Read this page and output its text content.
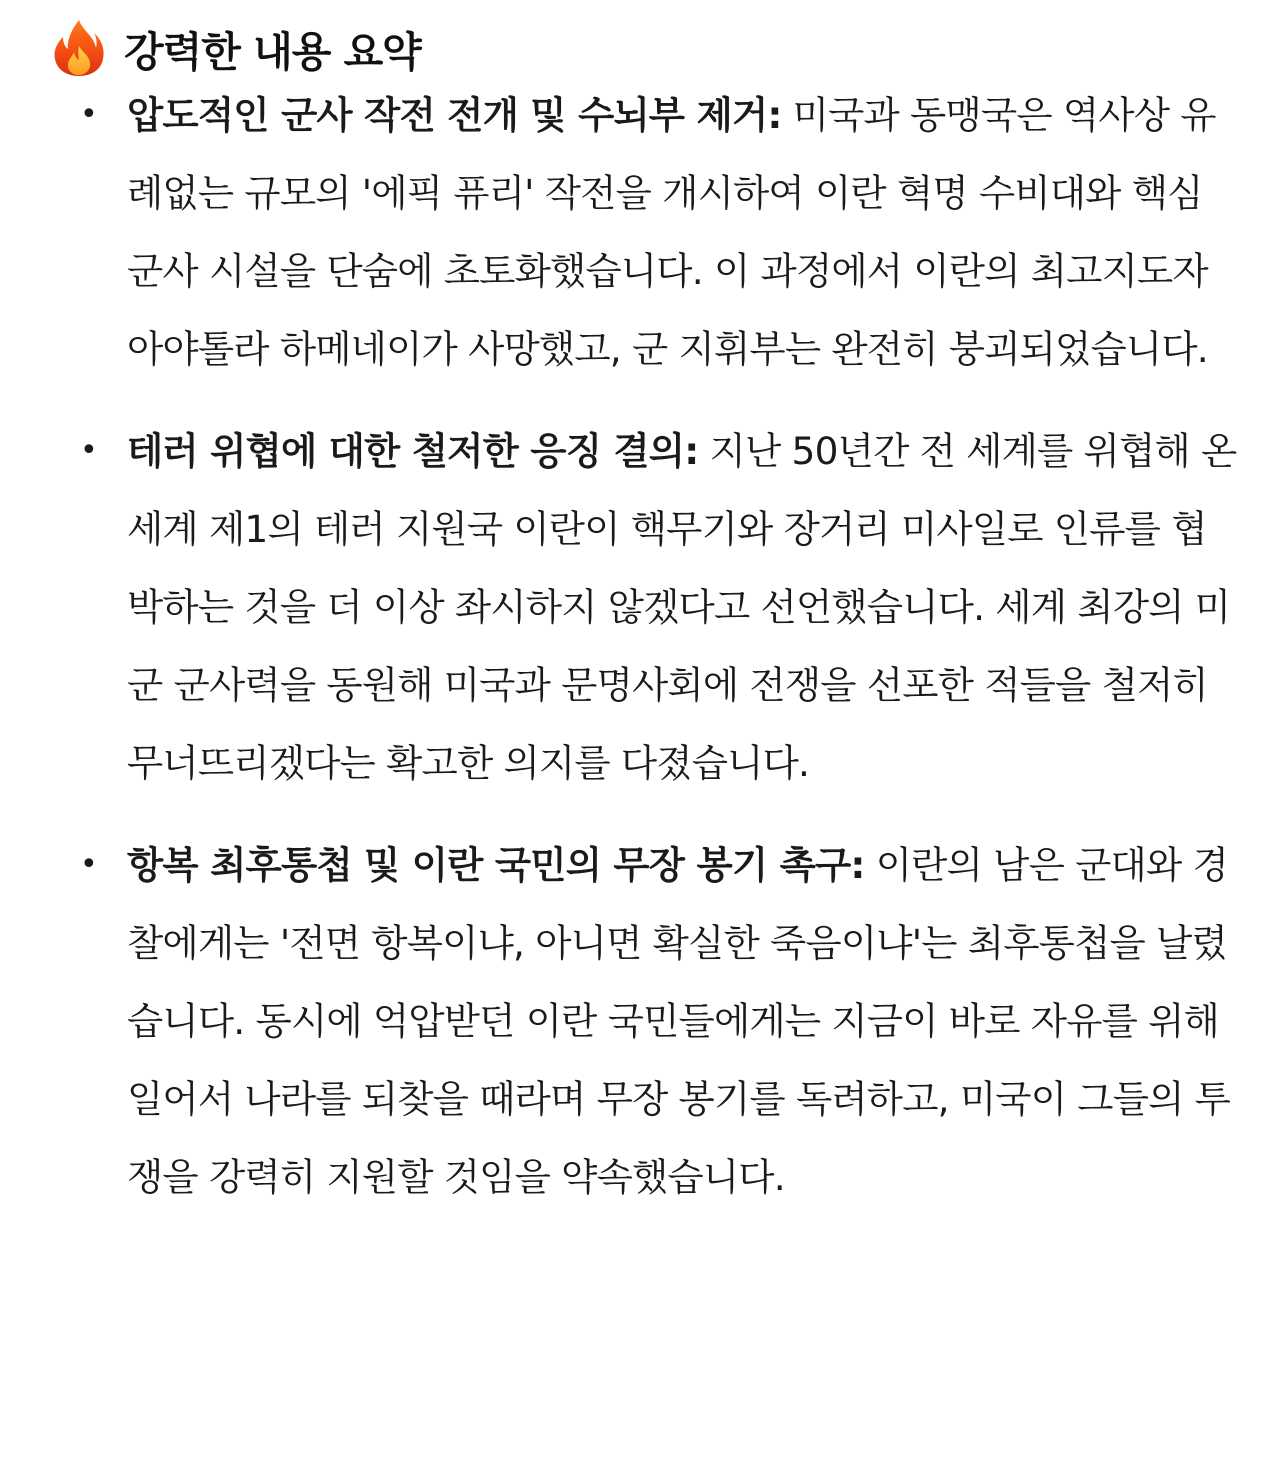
강력한 내용 요약
• 압도적인 군사 작전 전개 및 수뇌부 제거: 미국과 동맹국은 역사상 유례없는 규모의 '에픽 퓨리' 작전을 개시하여 이란 혁명 수비대와 핵심 군사 시설을 단숨에 초토화했습니다. 이 과정에서 이란의 최고지도자 아야톨라 하메네이가 사망했고, 군 지휘부는 완전히 붕괴되었습니다.
• 테러 위협에 대한 철저한 응징 결의: 지난 50년간 전 세계를 위협해 온 세계 제1의 테러 지원국 이란이 핵무기와 장거리 미사일로 인류를 협박하는 것을 더 이상 좌시하지 않겠다고 선언했습니다. 세계 최강의 미군 군사력을 동원해 미국과 문명사회에 전쟁을 선포한 적들을 철저히 무너뜨리겠다는 확고한 의지를 다졌습니다.
• 항복 최후통첩 및 이란 국민의 무장 봉기 촉구: 이란의 남은 군대와 경찰에게는 '전면 항복이냐, 아니면 확실한 죽음이냐'는 최후통첩을 날렸습니다. 동시에 억압받던 이란 국민들에게는 지금이 바로 자유를 위해 일어서 나라를 되찾을 때라며 무장 봉기를 독려하고, 미국이 그들의 투쟁을 강력히 지원할 것임을 약속했습니다.
